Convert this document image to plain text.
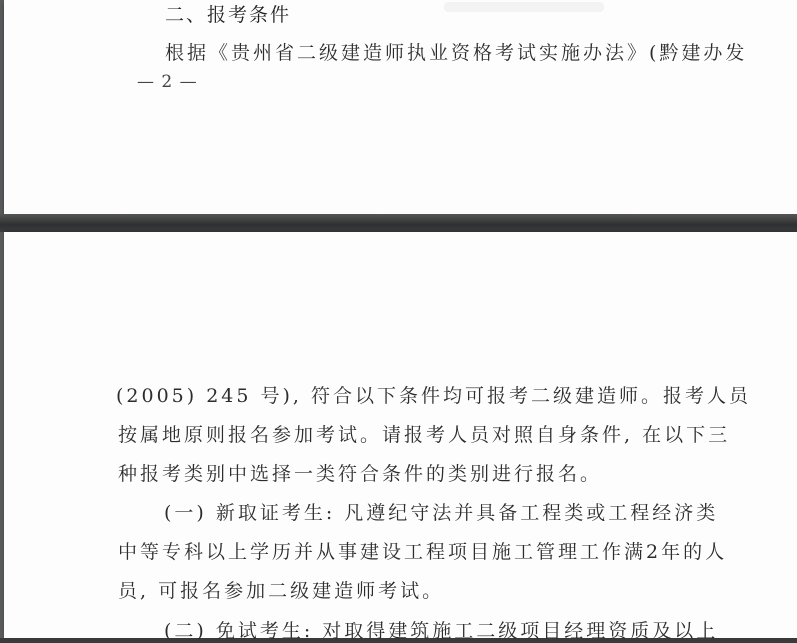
二、报考条件
根据《贵州省二级建造师执业资格考试实施办法》(黔建办发
— 2 —
(2005) 245 号), 符合以下条件均可报考二级建造师。报考人员
按属地原则报名参加考试。请报考人员对照自身条件, 在以下三
种报考类别中选择一类符合条件的类别进行报名。
(一) 新取证考生: 凡遵纪守法并具备工程类或工程经济类
中等专科以上学历并从事建设工程项目施工管理工作满2年的人
员, 可报名参加二级建造师考试。
(二) 免试考生: 对取得建筑施工二级项目经理资质及以上
